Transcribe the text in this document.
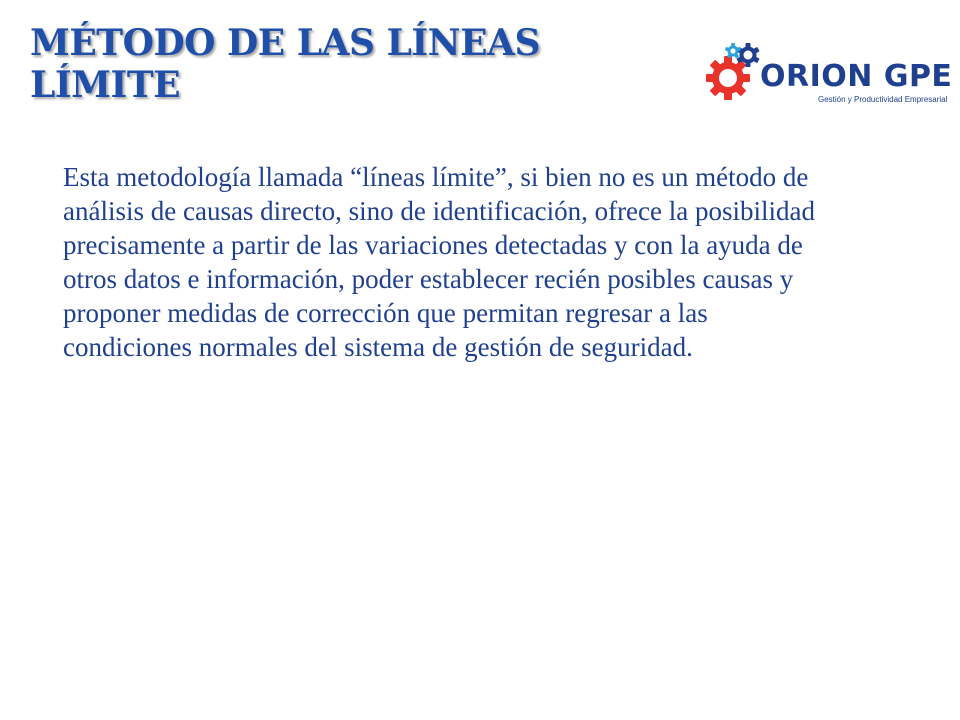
MÉTODO DE LAS LÍNEAS
LÍMITE	ORION GPE
Gestión y Productividad Empresarial

Esta metodología llamada “líneas límite”, si bien no es un método de análisis de causas directo, sino de identificación, ofrece la posibilidad precisamente a partir de las variaciones detectadas y con la ayuda de otros datos e información, poder establecer recién posibles causas y proponer medidas de corrección que permitan regresar a las condiciones normales del sistema de gestión de seguridad.
